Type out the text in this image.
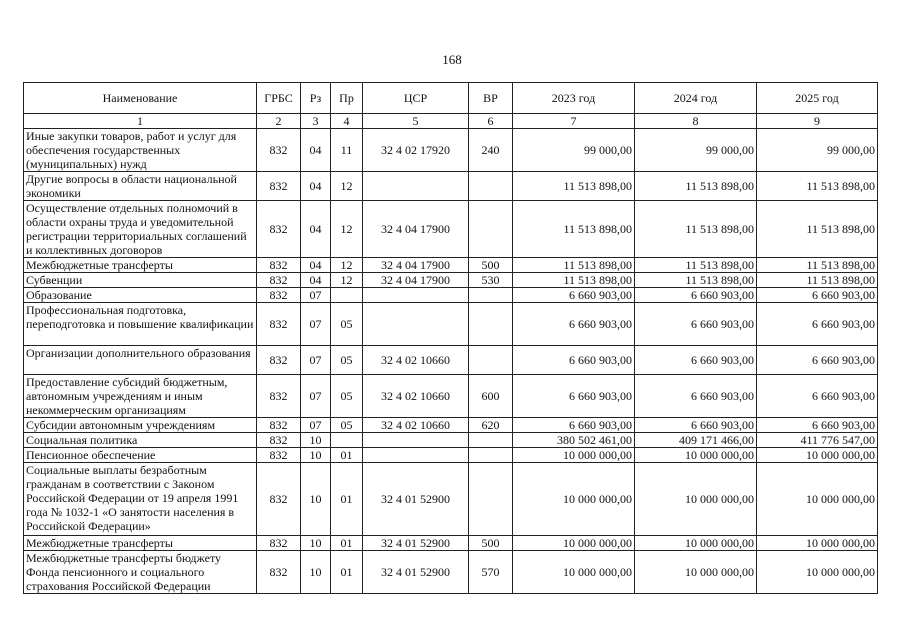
168
Наименование	ГРБС	Рз	Пр	ЦСР	ВР	2023 год	2024 год	2025 год
1	2	3	4	5	6	7	8	9
Иные закупки товаров, работ и услуг для обеспечения государственных (муниципальных) нужд	832	04	11	32 4 02 17920	240	99 000,00	99 000,00	99 000,00
Другие вопросы в области национальной экономики	832	04	12			11 513 898,00	11 513 898,00	11 513 898,00
Осуществление отдельных полномочий в области охраны труда и уведомительной регистрации территориальных соглашений и коллективных договоров	832	04	12	32 4 04 17900		11 513 898,00	11 513 898,00	11 513 898,00
Межбюджетные трансферты	832	04	12	32 4 04 17900	500	11 513 898,00	11 513 898,00	11 513 898,00
Субвенции	832	04	12	32 4 04 17900	530	11 513 898,00	11 513 898,00	11 513 898,00
Образование	832	07				6 660 903,00	6 660 903,00	6 660 903,00
Профессиональная подготовка, переподготовка и повышение квалификации	832	07	05			6 660 903,00	6 660 903,00	6 660 903,00
Организации дополнительного образования	832	07	05	32 4 02 10660		6 660 903,00	6 660 903,00	6 660 903,00
Предоставление субсидий бюджетным, автономным учреждениям и иным некоммерческим организациям	832	07	05	32 4 02 10660	600	6 660 903,00	6 660 903,00	6 660 903,00
Субсидии автономным учреждениям	832	07	05	32 4 02 10660	620	6 660 903,00	6 660 903,00	6 660 903,00
Социальная политика	832	10				380 502 461,00	409 171 466,00	411 776 547,00
Пенсионное обеспечение	832	10	01			10 000 000,00	10 000 000,00	10 000 000,00
Социальные выплаты безработным гражданам в соответствии с Законом Российской Федерации от 19 апреля 1991 года № 1032-1 «О занятости населения в Российской Федерации»	832	10	01	32 4 01 52900		10 000 000,00	10 000 000,00	10 000 000,00
Межбюджетные трансферты	832	10	01	32 4 01 52900	500	10 000 000,00	10 000 000,00	10 000 000,00
Межбюджетные трансферты бюджету Фонда пенсионного и социального страхования Российской Федерации	832	10	01	32 4 01 52900	570	10 000 000,00	10 000 000,00	10 000 000,00
